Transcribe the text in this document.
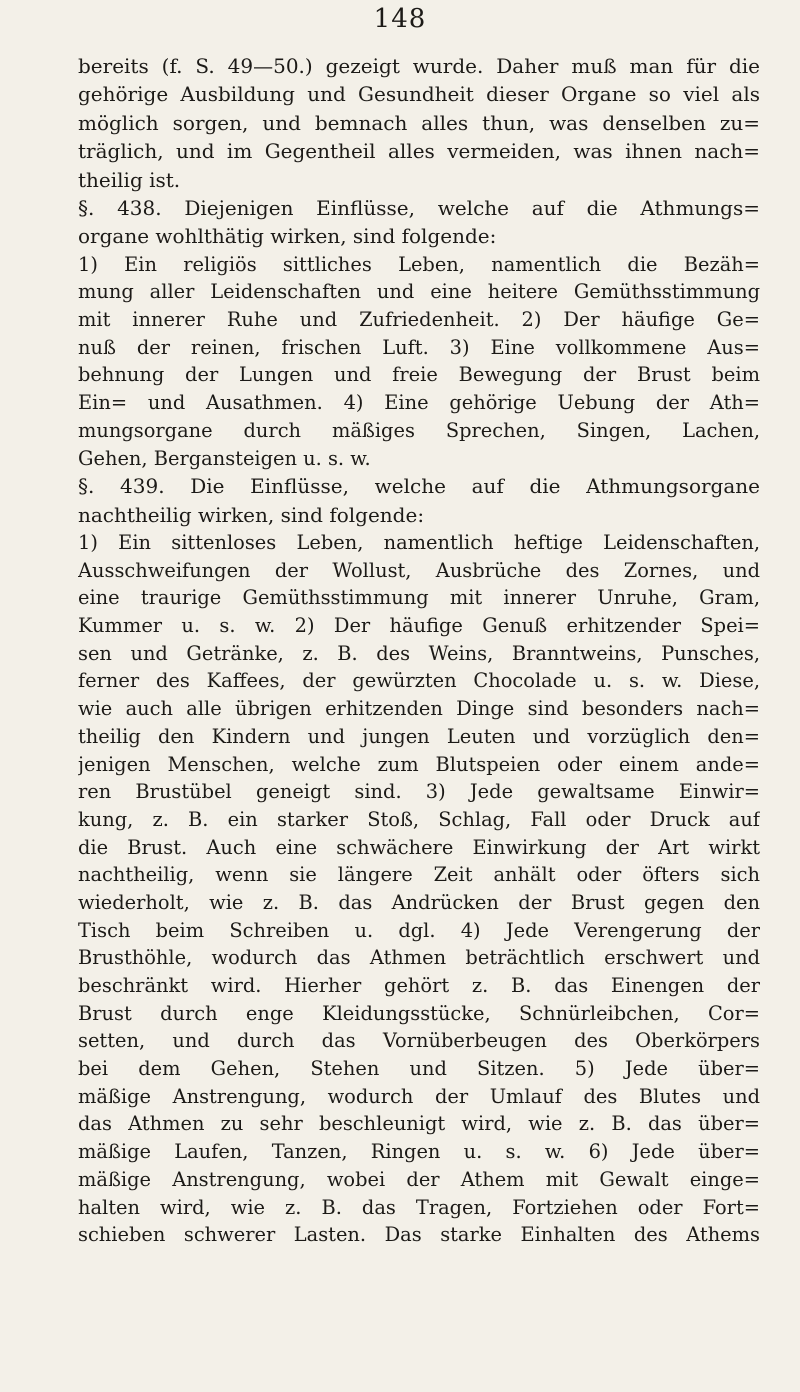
148
bereits (f. S. 49—50.) gezeigt wurde. Daher muß man für die
gehörige Ausbildung und Gesundheit dieser Organe so viel als
möglich sorgen, und bemnach alles thun, was denselben zu=
träglich, und im Gegentheil alles vermeiden, was ihnen nach=
theilig ist.
§. 438. Diejenigen Einflüsse, welche auf die Athmungs=
organe wohlthätig wirken, sind folgende:
1) Ein religiös sittliches Leben, namentlich die Bezäh=
mung aller Leidenschaften und eine heitere Gemüthsstimmung
mit innerer Ruhe und Zufriedenheit. 2) Der häufige Ge=
nuß der reinen, frischen Luft. 3) Eine vollkommene Aus=
behnung der Lungen und freie Bewegung der Brust beim
Ein= und Ausathmen. 4) Eine gehörige Uebung der Ath=
mungsorgane durch mäßiges Sprechen, Singen, Lachen,
Gehen, Bergansteigen u. s. w.
§. 439. Die Einflüsse, welche auf die Athmungsorgane
nachtheilig wirken, sind folgende:
1) Ein sittenloses Leben, namentlich heftige Leidenschaften,
Ausschweifungen der Wollust, Ausbrüche des Zornes, und
eine traurige Gemüthsstimmung mit innerer Unruhe, Gram,
Kummer u. s. w. 2) Der häufige Genuß erhitzender Spei=
sen und Getränke, z. B. des Weins, Branntweins, Punsches,
ferner des Kaffees, der gewürzten Chocolade u. s. w. Diese,
wie auch alle übrigen erhitzenden Dinge sind besonders nach=
theilig den Kindern und jungen Leuten und vorzüglich den=
jenigen Menschen, welche zum Blutspeien oder einem ande=
ren Brustübel geneigt sind. 3) Jede gewaltsame Einwir=
kung, z. B. ein starker Stoß, Schlag, Fall oder Druck auf
die Brust. Auch eine schwächere Einwirkung der Art wirkt
nachtheilig, wenn sie längere Zeit anhält oder öfters sich
wiederholt, wie z. B. das Andrücken der Brust gegen den
Tisch beim Schreiben u. dgl. 4) Jede Verengerung der
Brusthöhle, wodurch das Athmen beträchtlich erschwert und
beschränkt wird. Hierher gehört z. B. das Einengen der
Brust durch enge Kleidungsstücke, Schnürleibchen, Cor=
setten, und durch das Vornüberbeugen des Oberkörpers
bei dem Gehen, Stehen und Sitzen. 5) Jede über=
mäßige Anstrengung, wodurch der Umlauf des Blutes und
das Athmen zu sehr beschleunigt wird, wie z. B. das über=
mäßige Laufen, Tanzen, Ringen u. s. w. 6) Jede über=
mäßige Anstrengung, wobei der Athem mit Gewalt einge=
halten wird, wie z. B. das Tragen, Fortziehen oder Fort=
schieben schwerer Lasten. Das starke Einhalten des Athems
